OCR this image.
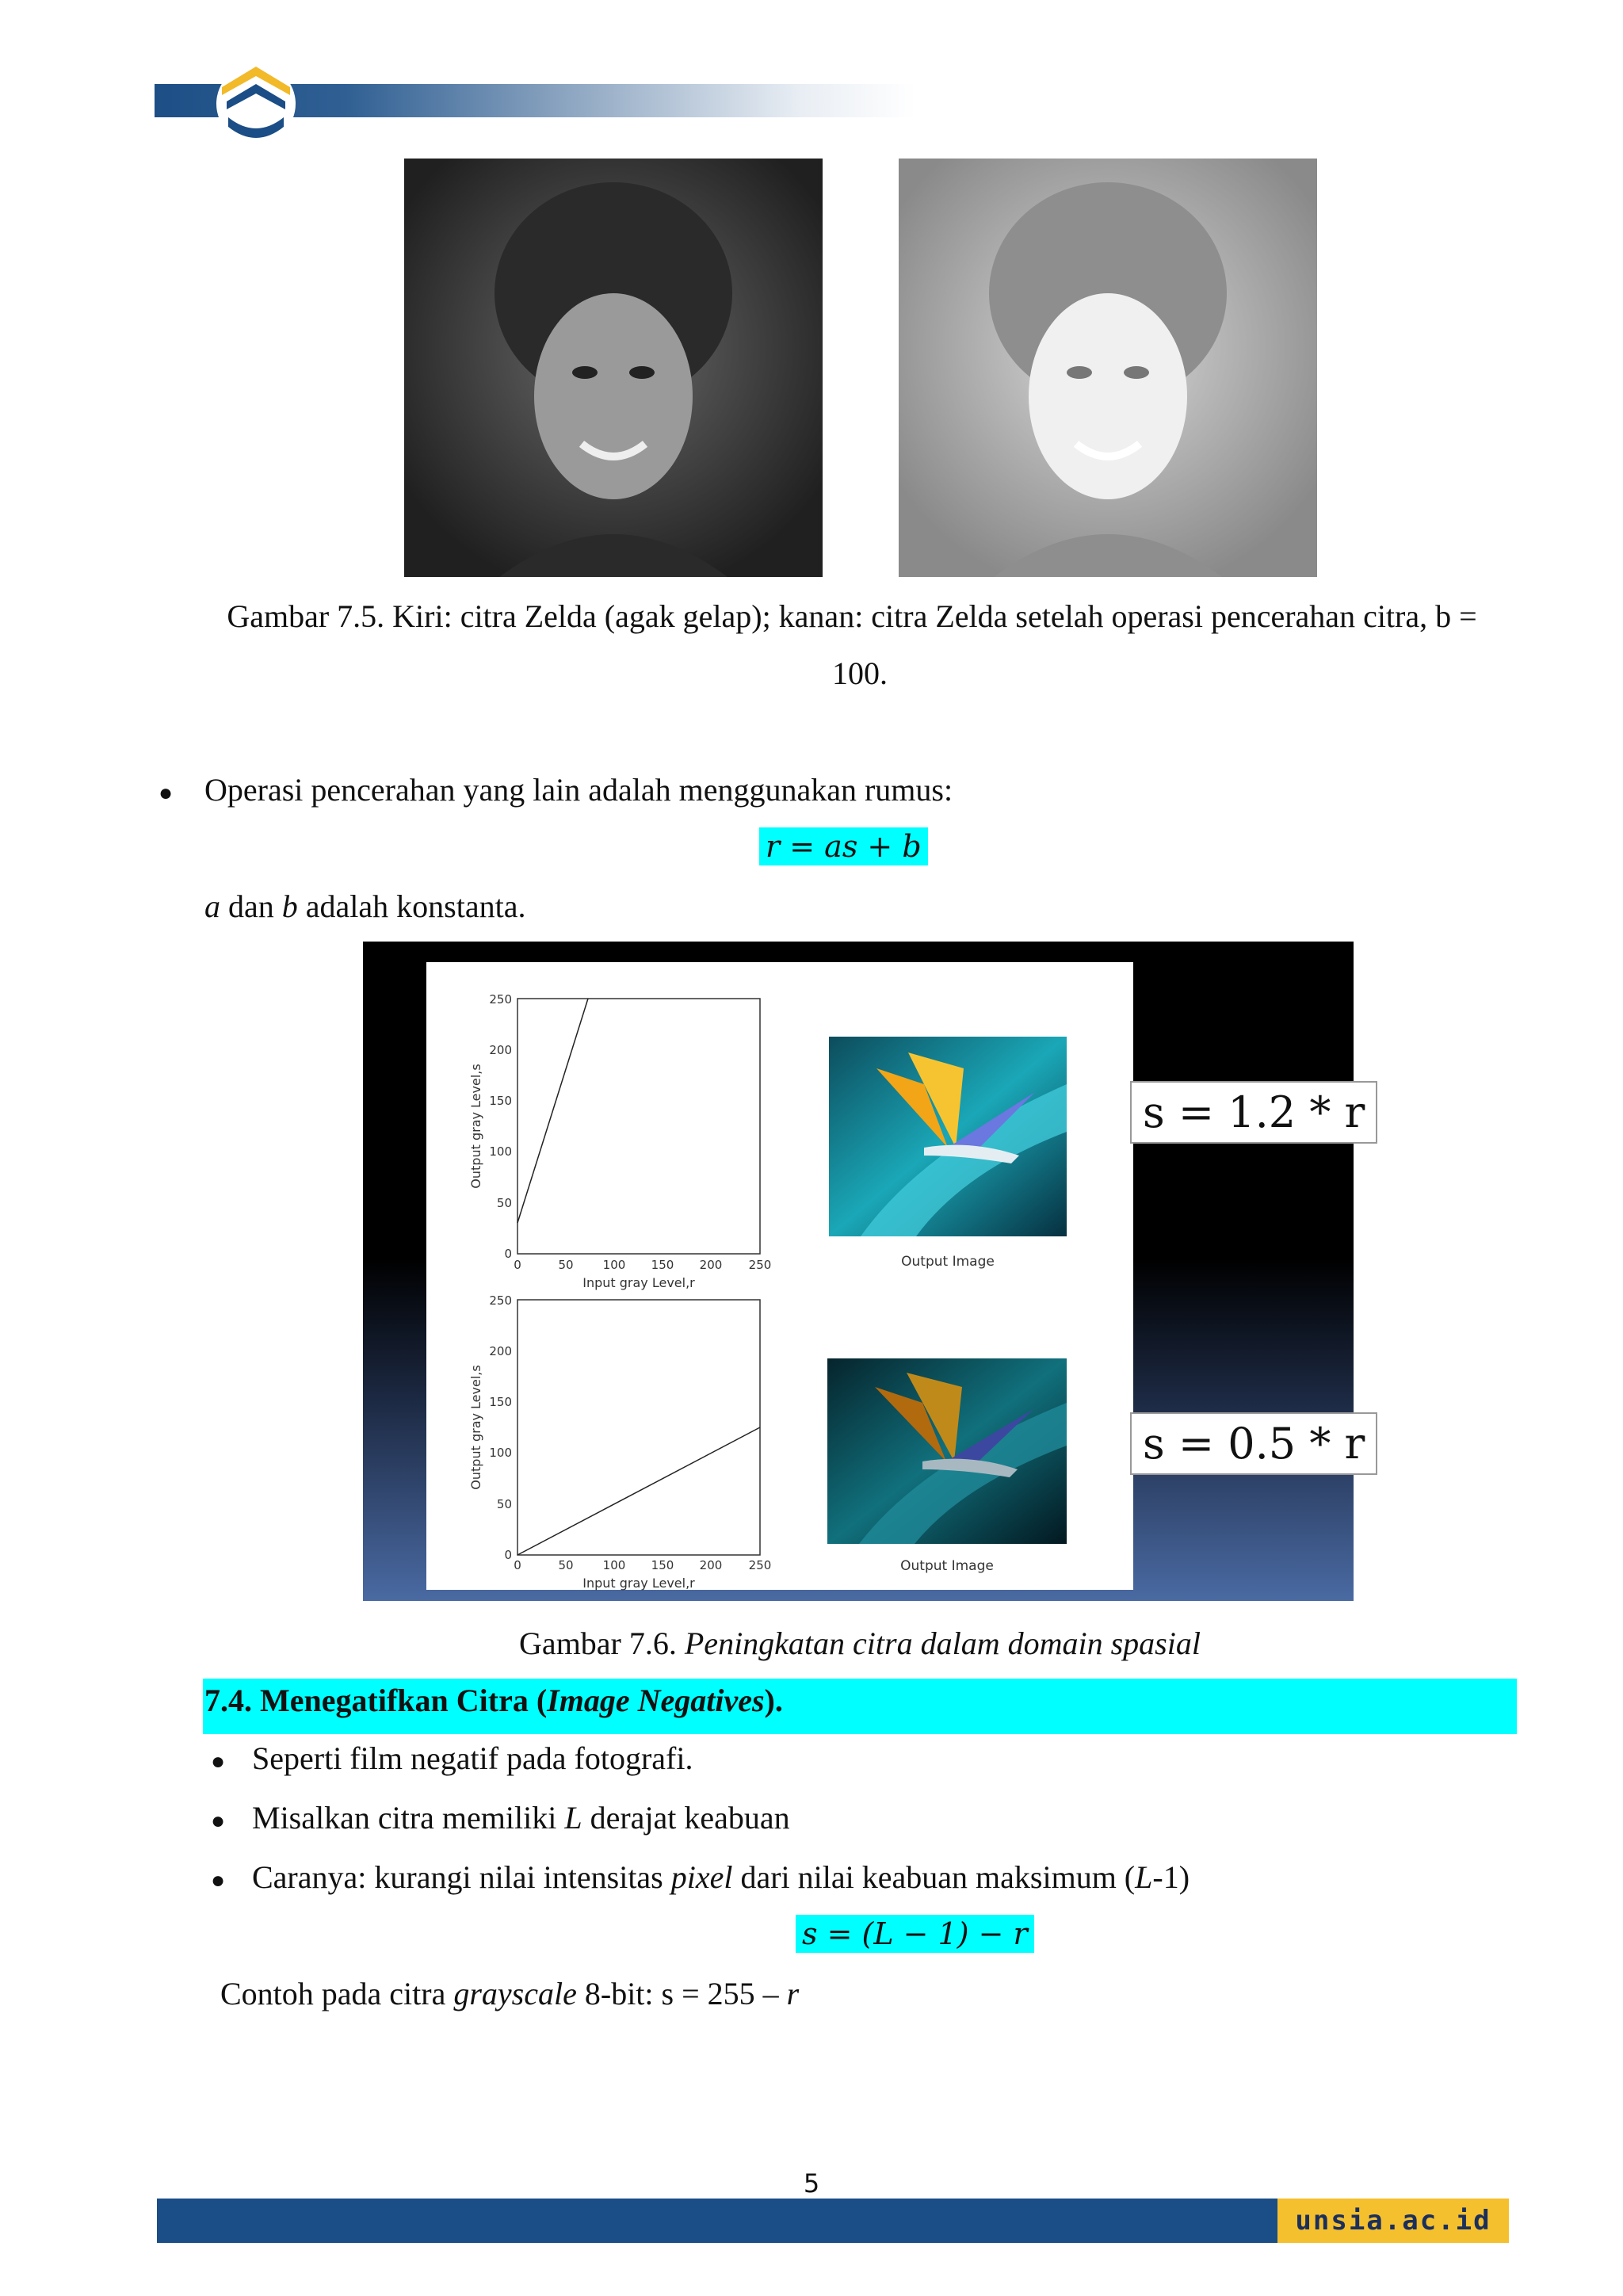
Gambar 7.5. Kiri: citra Zelda (agak gelap); kanan: citra Zelda setelah operasi pencerahan citra, b =
100.
● Operasi pencerahan yang lain adalah menggunakan rumus:
r = as + b
a dan b adalah konstanta.
0	50 100 150 200 250
0
50
100
150
200
250
Input gray Level,r
Output gray Level,s
0	50 100 150 200 250
0
50
100
150
200
250
Input gray Level,r
Output gray Level,s
Output Image
Output Image
s = 1.2 * r
s = 0.5 * r
Gambar 7.6. Peningkatan citra dalam domain spasial
7.4. Menegatifkan Citra (Image Negatives).
● Seperti film negatif pada fotografi.
● Misalkan citra memiliki L derajat keabuan
● Caranya: kurangi nilai intensitas pixel dari nilai keabuan maksimum (L-1)
s = (L − 1) − r
Contoh pada citra grayscale 8-bit: s = 255 – r
5
unsia.ac.id
